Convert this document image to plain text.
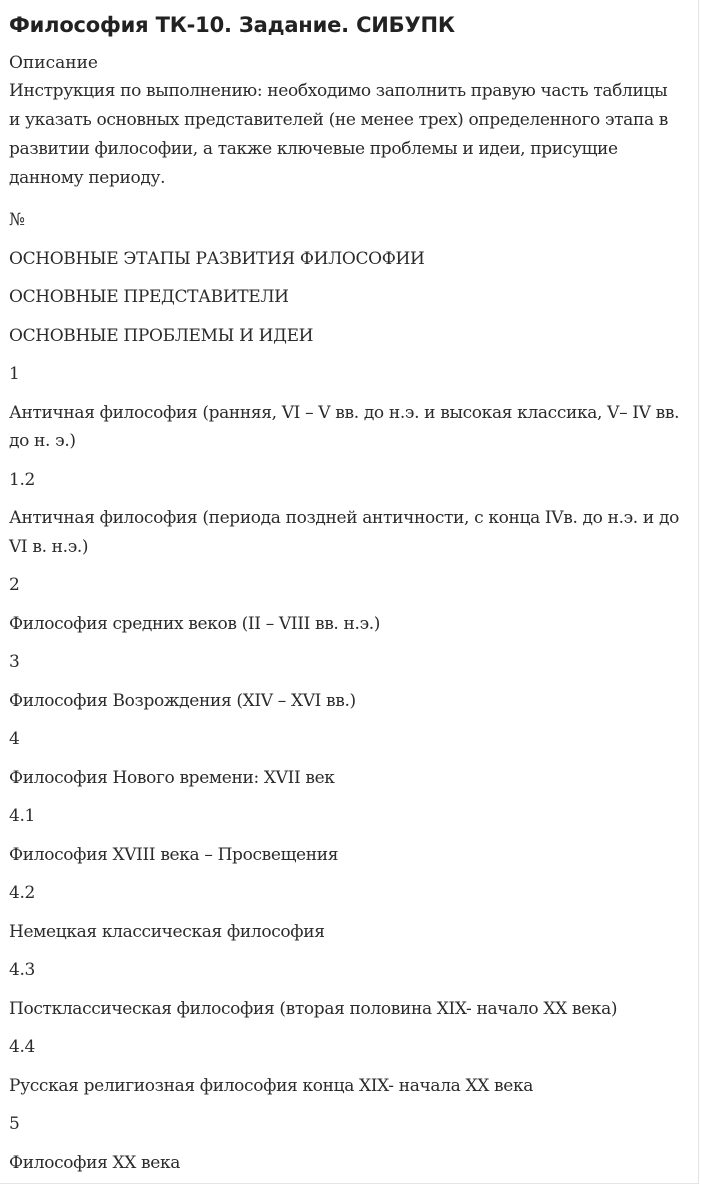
Философия ТК-10. Задание. СИБУПК
Описание

Инструкция по выполнению: необходимо заполнить правую часть таблицы и указать основных представителей (не менее трех) определенного этапа в развитии философии, а также ключевые проблемы и идеи, присущие данному периоду.

№
ОСНОВНЫЕ ЭТАПЫ РАЗВИТИЯ ФИЛОСОФИИ
ОСНОВНЫЕ ПРЕДСТАВИТЕЛИ
ОСНОВНЫЕ ПРОБЛЕМЫ И ИДЕИ
1
Античная философия (ранняя, VI – V вв. до н.э. и высокая классика, V– IV вв. до н. э.)
1.2
Античная философия (периода поздней античности, с конца IVв. до н.э. и до VI в. н.э.)
2
Философия средних веков (II – VIII вв. н.э.)
3
Философия Возрождения (XIV – XVI вв.)
4
Философия Нового времени: XVII век
4.1
Философия XVIII века – Просвещения
4.2
Немецкая классическая философия
4.3
Постклассическая философия (вторая половина XIX- начало XX века)
4.4
Русская религиозная философия конца XIX- начала XX века
5
Философия XX века
